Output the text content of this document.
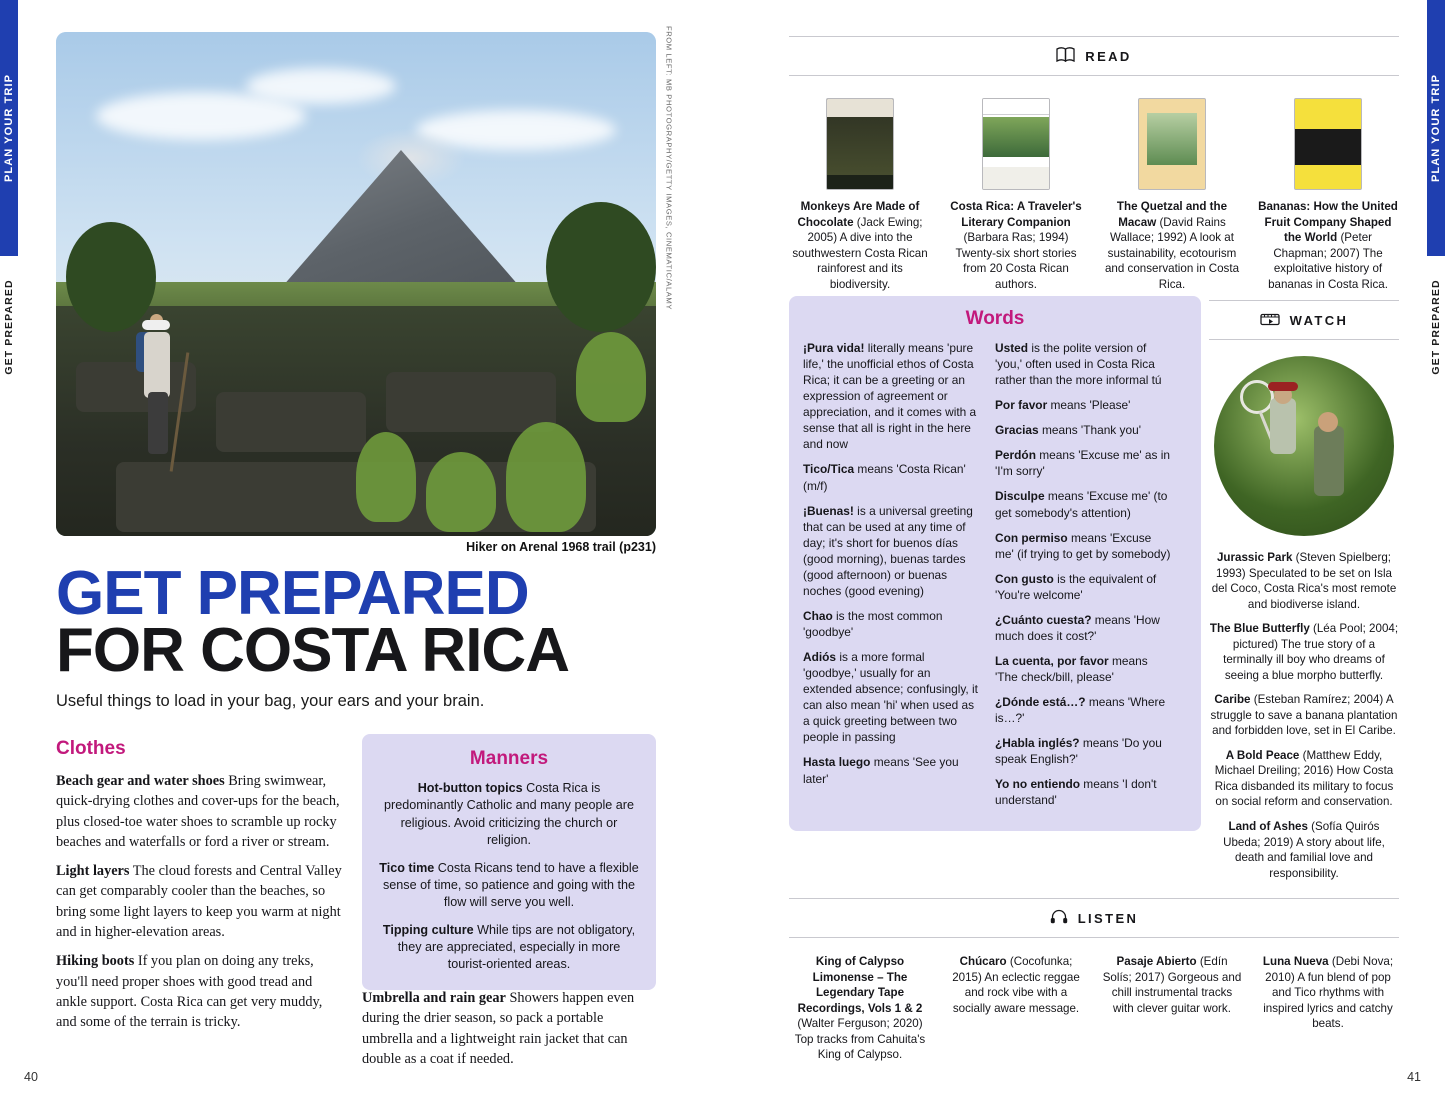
PLAN YOUR TRIP
GET PREPARED
FROM LEFT: MB PHOTOGRAPHY/GETTY IMAGES, CINEMATIC/ALAMY
Hiker on Arenal 1968 trail (p231)
GET PREPARED
FOR COSTA RICA
Useful things to load in your bag, your ears and your brain.
Clothes

Beach gear and water shoes Bring swimwear, quick-drying clothes and cover-ups for the beach, plus closed-toe water shoes to scramble up rocky beaches and waterfalls or ford a river or stream.

Light layers The cloud forests and Central Valley can get comparably cooler than the beaches, so bring some light layers to keep you warm at night and in higher-elevation areas.

Hiking boots If you plan on doing any treks, you'll need proper shoes with good tread and ankle support. Costa Rica can get very muddy, and some of the terrain is tricky.

Manners

Hot-button topics Costa Rica is predominantly Catholic and many people are religious. Avoid criticizing the church or religion.

Tico time Costa Ricans tend to have a flexible sense of time, so patience and going with the flow will serve you well.

Tipping culture While tips are not obligatory, they are appreciated, especially in more tourist-oriented areas.

Umbrella and rain gear Showers happen even during the drier season, so pack a portable umbrella and a lightweight rain jacket that can double as a coat if needed.
40
PLAN YOUR TRIP
GET PREPARED
41
READ
Monkeys Are Made of Chocolate (Jack Ewing; 2005) A dive into the southwestern Costa Rican rainforest and its biodiversity.
Costa Rica: A Traveler's Literary Companion (Barbara Ras; 1994) Twenty-six short stories from 20 Costa Rican authors.
The Quetzal and the Macaw (David Rains Wallace; 1992) A look at sustainability, ecotourism and conservation in Costa Rica.
Bananas: How the United Fruit Company Shaped the World (Peter Chapman; 2007) The exploitative history of bananas in Costa Rica.
Words

¡Pura vida! literally means 'pure life,' the unofficial ethos of Costa Rica; it can be a greeting or an expression of agreement or appreciation, and it comes with a sense that all is right in the here and now

Tico/Tica means 'Costa Rican' (m/f)

¡Buenas! is a universal greeting that can be used at any time of day; it's short for buenos días (good morning), buenas tardes (good afternoon) or buenas noches (good evening)

Chao is the most common 'goodbye'

Adiós is a more formal 'goodbye,' usually for an extended absence; confusingly, it can also mean 'hi' when used as a quick greeting between two people in passing

Hasta luego means 'See you later'

Usted is the polite version of 'you,' often used in Costa Rica rather than the more informal tú

Por favor means 'Please'

Gracias means 'Thank you'

Perdón means 'Excuse me' as in 'I'm sorry'

Disculpe means 'Excuse me' (to get somebody's attention)

Con permiso means 'Excuse me' (if trying to get by somebody)

Con gusto is the equivalent of 'You're welcome'

¿Cuánto cuesta? means 'How much does it cost?'

La cuenta, por favor means 'The check/bill, please'

¿Dónde está…? means 'Where is…?'

¿Habla inglés? means 'Do you speak English?'

Yo no entiendo means 'I don't understand'

WATCH

Jurassic Park (Steven Spielberg; 1993) Speculated to be set on Isla del Coco, Costa Rica's most remote and biodiverse island.

The Blue Butterfly (Léa Pool; 2004; pictured) The true story of a terminally ill boy who dreams of seeing a blue morpho butterfly.

Caribe (Esteban Ramírez; 2004) A struggle to save a banana plantation and forbidden love, set in El Caribe.

A Bold Peace (Matthew Eddy, Michael Dreiling; 2016) How Costa Rica disbanded its military to focus on social reform and conservation.

Land of Ashes (Sofía Quirós Ubeda; 2019) A story about life, death and familial love and responsibility.

LISTEN
King of Calypso Limonense – The Legendary Tape Recordings, Vols 1 & 2 (Walter Ferguson; 2020) Top tracks from Cahuita's King of Calypso.
Chúcaro (Cocofunka; 2015) An eclectic reggae and rock vibe with a socially aware message.
Pasaje Abierto (Edín Solís; 2017) Gorgeous and chill instrumental tracks with clever guitar work.
Luna Nueva (Debi Nova; 2010) A fun blend of pop and Tico rhythms with inspired lyrics and catchy beats.
